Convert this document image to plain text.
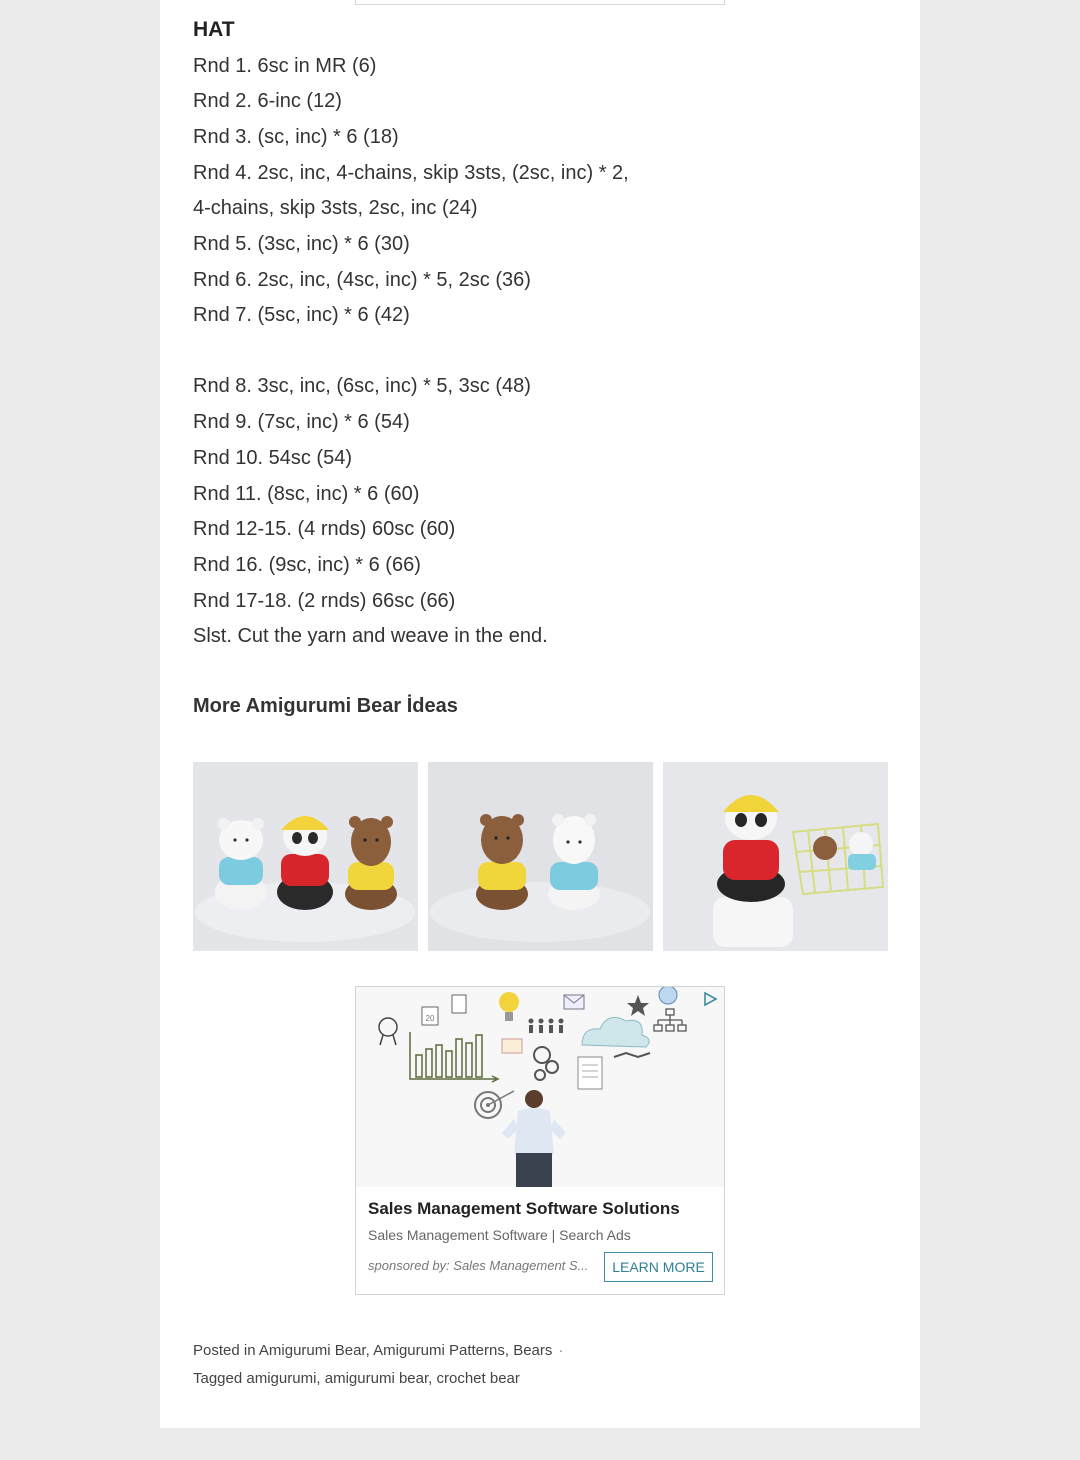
HAT
Rnd 1. 6sc in MR (6)
Rnd 2. 6-inc (12)
Rnd 3. (sc, inc) * 6 (18)
Rnd 4. 2sc, inc, 4-chains, skip 3sts, (2sc, inc) * 2,
4-chains, skip 3sts, 2sc, inc (24)
Rnd 5. (3sc, inc) * 6 (30)
Rnd 6. 2sc, inc, (4sc, inc) * 5, 2sc (36)
Rnd 7. (5sc, inc) * 6 (42)
Rnd 8. 3sc, inc, (6sc, inc) * 5, 3sc (48)
Rnd 9. (7sc, inc) * 6 (54)
Rnd 10. 54sc (54)
Rnd 11. (8sc, inc) * 6 (60)
Rnd 12-15. (4 rnds) 60sc (60)
Rnd 16. (9sc, inc) * 6 (66)
Rnd 17-18. (2 rnds) 66sc (66)
Slst. Cut the yarn and weave in the end.
More Amigurumi Bear İdeas
20
Sales Management Software Solutions
Sales Management Software | Search Ads
sponsored by: Sales Management S...	LEARN MORE
Posted in Amigurumi Bear, Amigurumi Patterns, Bears ·
Tagged amigurumi, amigurumi bear, crochet bear
